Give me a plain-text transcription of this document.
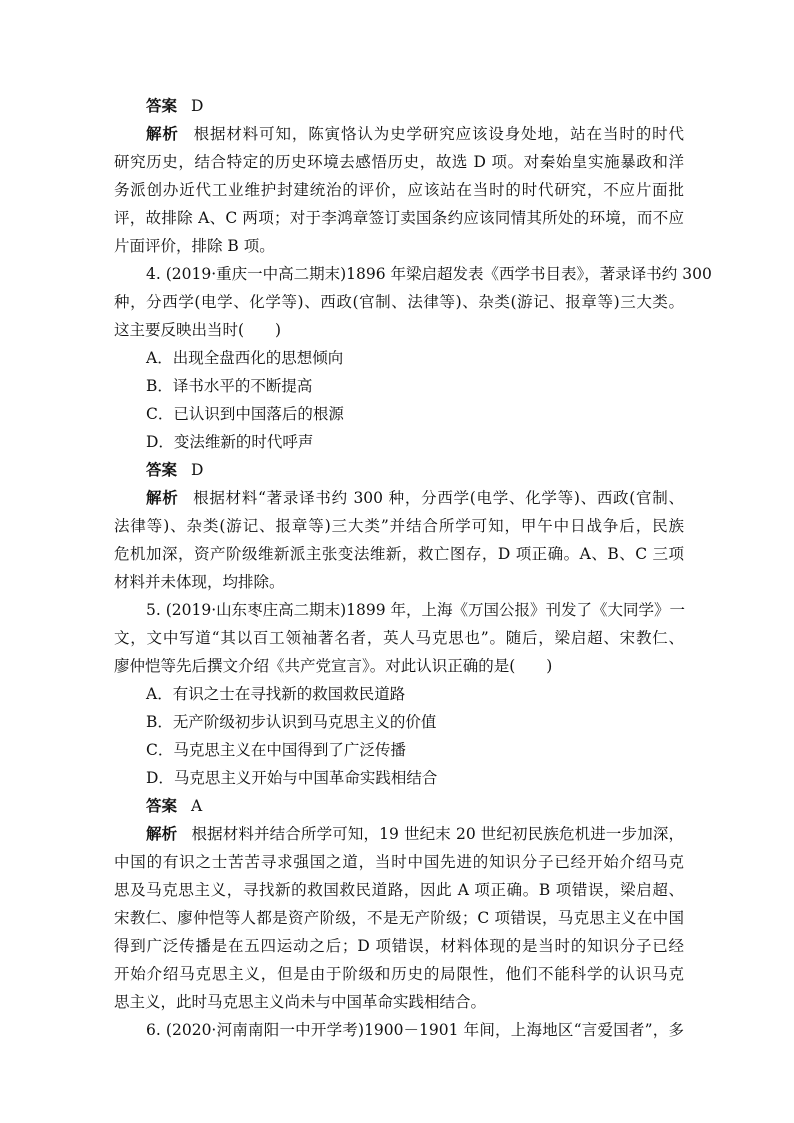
答案 D
解析 根据材料可知，陈寅恪认为史学研究应该设身处地，站在当时的时代
研究历史，结合特定的历史环境去感悟历史，故选 D 项。对秦始皇实施暴政和洋
务派创办近代工业维护封建统治的评价，应该站在当时的时代研究，不应片面批
评，故排除 A、C 两项；对于李鸿章签订卖国条约应该同情其所处的环境，而不应
片面评价，排除 B 项。
4. (2019·重庆一中高二期末)1896 年梁启超发表《西学书目表》，著录译书约 300
种，分西学(电学、化学等)、西政(官制、法律等)、杂类(游记、报章等)三大类。
这主要反映出当时(　　)
A．出现全盘西化的思想倾向
B．译书水平的不断提高
C．已认识到中国落后的根源
D．变法维新的时代呼声
答案 D
解析 根据材料“著录译书约 300 种，分西学(电学、化学等)、西政(官制、
法律等)、杂类(游记、报章等)三大类”并结合所学可知，甲午中日战争后，民族
危机加深，资产阶级维新派主张变法维新，救亡图存，D 项正确。A、B、C 三项
材料并未体现，均排除。
5. (2019·山东枣庄高二期末)1899 年，上海《万国公报》刊发了《大同学》一
文，文中写道“其以百工领袖著名者，英人马克思也”。随后，梁启超、宋教仁、
廖仲恺等先后撰文介绍《共产党宣言》。对此认识正确的是(　　)
A．有识之士在寻找新的救国救民道路
B．无产阶级初步认识到马克思主义的价值
C．马克思主义在中国得到了广泛传播
D．马克思主义开始与中国革命实践相结合
答案 A
解析 根据材料并结合所学可知，19 世纪末 20 世纪初民族危机进一步加深，
中国的有识之士苦苦寻求强国之道，当时中国先进的知识分子已经开始介绍马克
思及马克思主义，寻找新的救国救民道路，因此 A 项正确。B 项错误，梁启超、
宋教仁、廖仲恺等人都是资产阶级，不是无产阶级；C 项错误，马克思主义在中国
得到广泛传播是在五四运动之后；D 项错误，材料体现的是当时的知识分子已经
开始介绍马克思主义，但是由于阶级和历史的局限性，他们不能科学的认识马克
思主义，此时马克思主义尚未与中国革命实践相结合。
6. (2020·河南南阳一中开学考)1900－1901 年间，上海地区“言爱国者”，多
